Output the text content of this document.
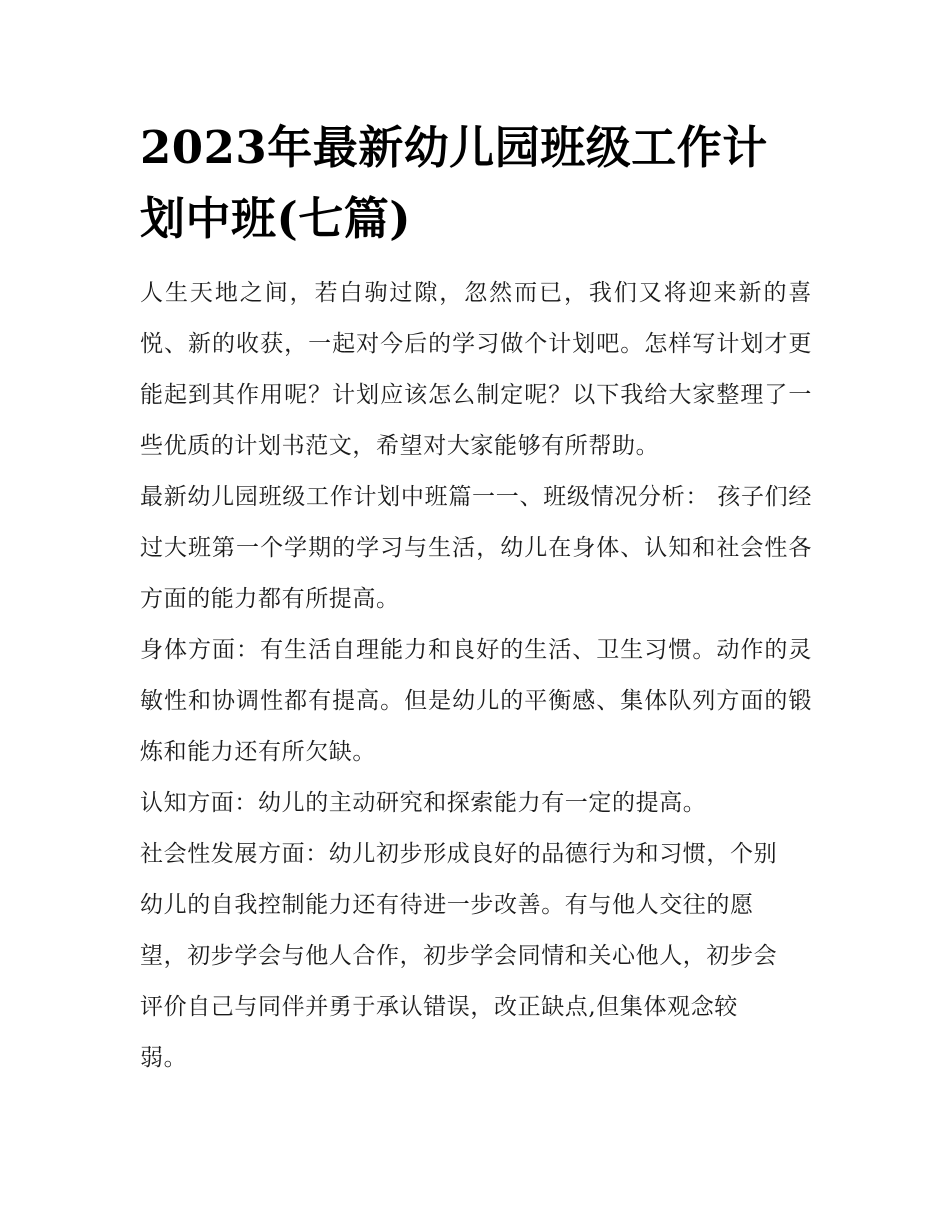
2023年最新幼儿园班级工作计划中班(七篇)

人生天地之间，若白驹过隙，忽然而已，我们又将迎来新的喜悦、新的收获，一起对今后的学习做个计划吧。怎样写计划才更能起到其作用呢？计划应该怎么制定呢？以下我给大家整理了一些优质的计划书范文，希望对大家能够有所帮助。

最新幼儿园班级工作计划中班篇一一、班级情况分析： 孩子们经过大班第一个学期的学习与生活，幼儿在身体、认知和社会性各方面的能力都有所提高。

身体方面：有生活自理能力和良好的生活、卫生习惯。动作的灵敏性和协调性都有提高。但是幼儿的平衡感、集体队列方面的锻炼和能力还有所欠缺。

认知方面：幼儿的主动研究和探索能力有一定的提高。

社会性发展方面：幼儿初步形成良好的品德行为和习惯，个别幼儿的自我控制能力还有待进一步改善。有与他人交往的愿望，初步学会与他人合作，初步学会同情和关心他人，初步会评价自己与同伴并勇于承认错误，改正缺点,但集体观念较弱。
